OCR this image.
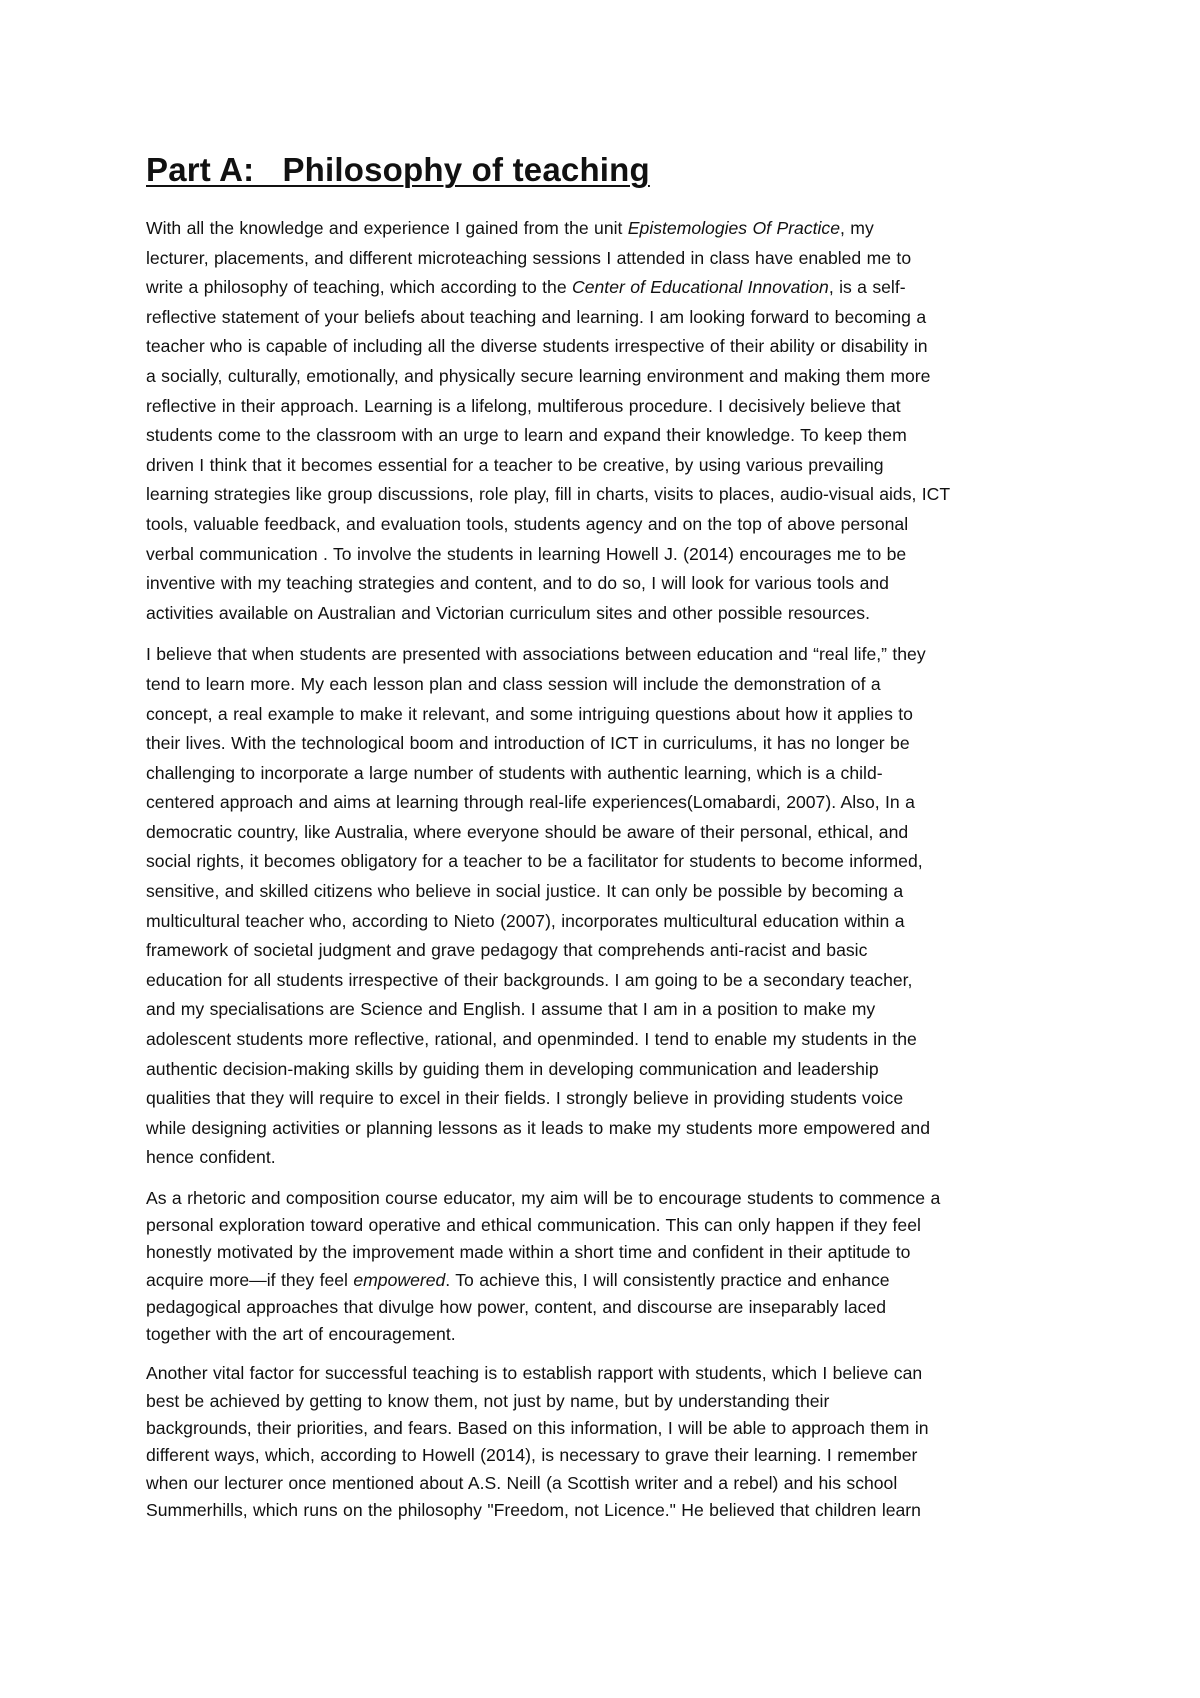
Part A:   Philosophy of teaching
With all the knowledge and experience I gained from the unit Epistemologies Of Practice, my
lecturer, placements, and different microteaching sessions I attended in class have enabled me to
write a philosophy of teaching, which according to the Center of Educational Innovation, is a self-
reflective statement of your beliefs about teaching and learning. I am looking forward to becoming a
teacher who is capable of including all the diverse students irrespective of their ability or disability in
a socially, culturally, emotionally, and physically secure learning environment and making them more
reflective in their approach. Learning is a lifelong, multiferous procedure. I decisively believe that
students come to the classroom with an urge to learn and expand their knowledge. To keep them
driven I think that it becomes essential for a teacher to be creative, by using various prevailing
learning strategies like group discussions, role play, fill in charts, visits to places, audio-visual aids, ICT
tools, valuable feedback, and evaluation tools, students agency and on the top of above personal
verbal communication . To involve the students in learning Howell J. (2014) encourages me to be
inventive with my teaching strategies and content, and to do so, I will look for various tools and
activities available on Australian and Victorian curriculum sites and other possible resources.
I believe that when students are presented with associations between education and “real life,” they
tend to learn more. My each lesson plan and class session will include the demonstration of a
concept, a real example to make it relevant, and some intriguing questions about how it applies to
their lives. With the technological boom and introduction of ICT in curriculums, it has no longer be
challenging to incorporate a large number of students with authentic learning, which is a child-
centered approach and aims at learning through real-life experiences(Lomabardi, 2007). Also, In a
democratic country, like Australia, where everyone should be aware of their personal, ethical, and
social rights, it becomes obligatory for a teacher to be a facilitator for students to become informed,
sensitive, and skilled citizens who believe in social justice. It can only be possible by becoming a
multicultural teacher who, according to Nieto (2007), incorporates multicultural education within a
framework of societal judgment and grave pedagogy that comprehends anti-racist and basic
education for all students irrespective of their backgrounds. I am going to be a secondary teacher,
and my specialisations are Science and English. I assume that I am in a position to make my
adolescent students more reflective, rational, and openminded. I tend to enable my students in the
authentic decision-making skills by guiding them in developing communication and leadership
qualities that they will require to excel in their fields. I strongly believe in providing students voice
while designing activities or planning lessons as it leads to make my students more empowered and
hence confident.
As a rhetoric and composition course educator, my aim will be to encourage students to commence a
personal exploration toward operative and ethical communication. This can only happen if they feel
honestly motivated by the improvement made within a short time and confident in their aptitude to
acquire more—if they feel empowered. To achieve this, I will consistently practice and enhance
pedagogical approaches that divulge how power, content, and discourse are inseparably laced
together with the art of encouragement.
Another vital factor for successful teaching is to establish rapport with students, which I believe can
best be achieved by getting to know them, not just by name, but by understanding their
backgrounds, their priorities, and fears. Based on this information, I will be able to approach them in
different ways, which, according to Howell (2014), is necessary to grave their learning. I remember
when our lecturer once mentioned about A.S. Neill (a Scottish writer and a rebel) and his school
Summerhills, which runs on the philosophy "Freedom, not Licence." He believed that children learn
